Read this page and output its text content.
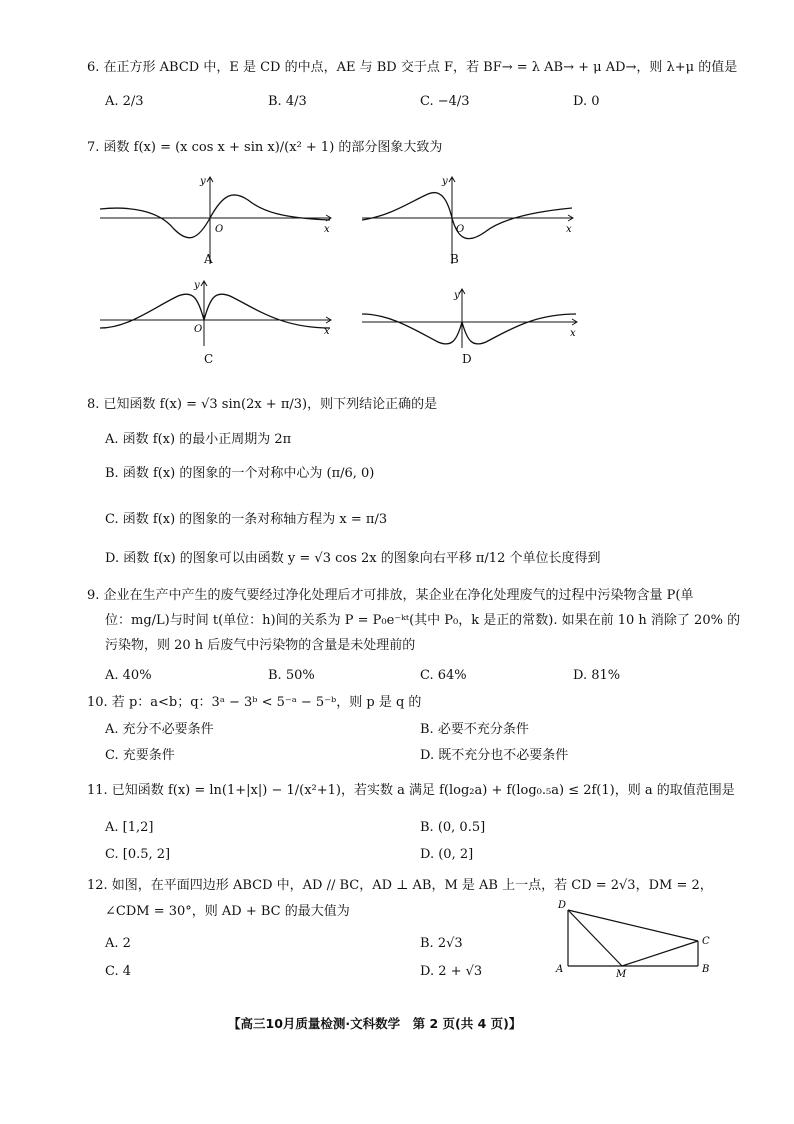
6. 在正方形 ABCD 中，E 是 CD 的中点，AE 与 BD 交于点 F，若 BF→ = λ AB→ + μ AD→，则 λ+μ 的值是
A. 2/3	B. 4/3	C. −4/3	D. 0
7. 函数 f(x) = (x cos x + sin x)/(x² + 1) 的部分图象大致为
O
y
x
A
O
y
x
B
O
y
x
C
y
x
D
8. 已知函数 f(x) = √3 sin(2x + π/3)，则下列结论正确的是
A. 函数 f(x) 的最小正周期为 2π
B. 函数 f(x) 的图象的一个对称中心为 (π/6, 0)
C. 函数 f(x) 的图象的一条对称轴方程为 x = π/3
D. 函数 f(x) 的图象可以由函数 y = √3 cos 2x 的图象向右平移 π/12 个单位长度得到
9. 企业在生产中产生的废气要经过净化处理后才可排放，某企业在净化处理废气的过程中污染物含量 P(单
位：mg/L)与时间 t(单位：h)间的关系为 P = P₀e⁻ᵏᵗ(其中 P₀，k 是正的常数). 如果在前 10 h 消除了 20% 的
污染物，则 20 h 后废气中污染物的含量是未处理前的
A. 40%	B. 50%	C. 64%	D. 81%
10. 若 p：a<b；q：3ᵃ − 3ᵇ < 5⁻ᵃ − 5⁻ᵇ，则 p 是 q 的
A. 充分不必要条件	B. 必要不充分条件
C. 充要条件	D. 既不充分也不必要条件
11. 已知函数 f(x) = ln(1+|x|) − 1/(x²+1)，若实数 a 满足 f(log₂a) + f(log₀.₅a) ≤ 2f(1)，则 a 的取值范围是
A. [1,2]	B. (0, 0.5]
C. [0.5, 2]	D. (0, 2]
12. 如图，在平面四边形 ABCD 中，AD // BC，AD ⊥ AB，M 是 AB 上一点，若 CD = 2√3，DM = 2，
∠CDM = 30°，则 AD + BC 的最大值为
A. 2	B. 2√3
C. 4	D. 2 + √3
D
C
A	M	B
【高三10月质量检测·文科数学　第 2 页(共 4 页)】
